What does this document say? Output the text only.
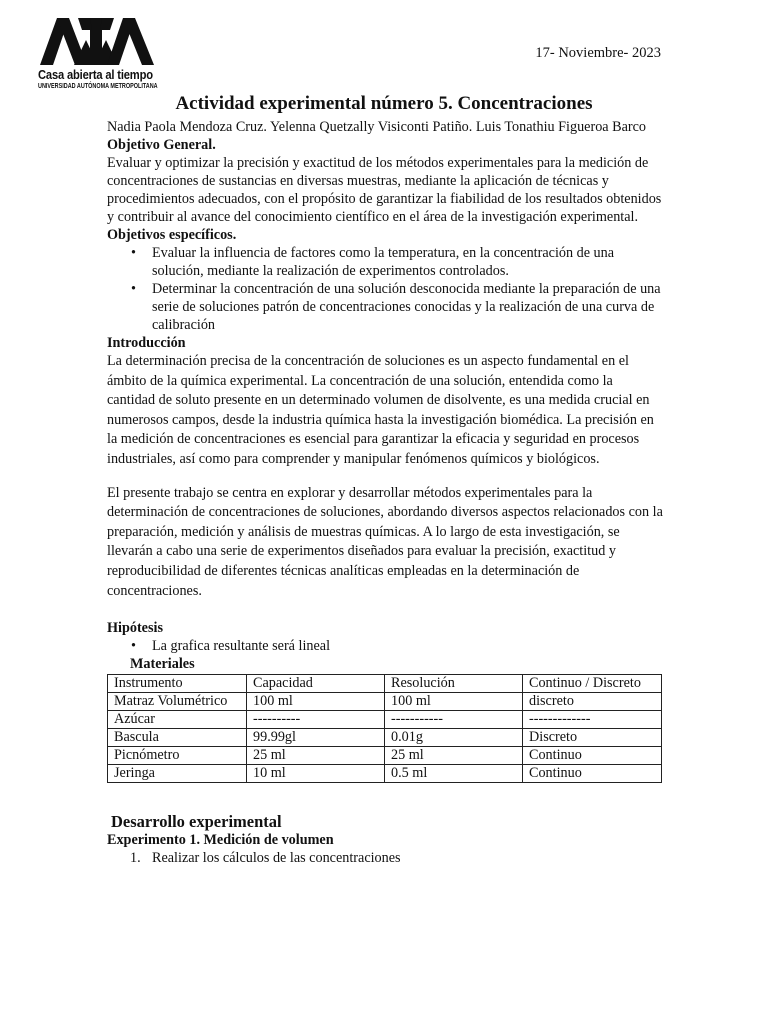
Casa abierta al tiempo
UNIVERSIDAD AUTÓNOMA METROPOLITANA
17- Noviembre- 2023
Actividad experimental número 5. Concentraciones

Nadia Paola Mendoza Cruz. Yelenna Quetzally Visiconti Patiño. Luis Tonathiu Figueroa Barco

Objetivo General.

Evaluar y optimizar la precisión y exactitud de los métodos experimentales para la medición de concentraciones de sustancias en diversas muestras, mediante la aplicación de técnicas y procedimientos adecuados, con el propósito de garantizar la fiabilidad de los resultados obtenidos y contribuir al avance del conocimiento científico en el área de la investigación experimental.

Objetivos específicos.

• Evaluar la influencia de factores como la temperatura, en la concentración de una solución, mediante la realización de experimentos controlados.
• Determinar la concentración de una solución desconocida mediante la preparación de una serie de soluciones patrón de concentraciones conocidas y la realización de una curva de calibración

Introducción

La determinación precisa de la concentración de soluciones es un aspecto fundamental en el ámbito de la química experimental. La concentración de una solución, entendida como la cantidad de soluto presente en un determinado volumen de disolvente, es una medida crucial en numerosos campos, desde la industria química hasta la investigación biomédica. La precisión en la medición de concentraciones es esencial para garantizar la eficacia y seguridad en procesos industriales, así como para comprender y manipular fenómenos químicos y biológicos.

El presente trabajo se centra en explorar y desarrollar métodos experimentales para la determinación de concentraciones de soluciones, abordando diversos aspectos relacionados con la preparación, medición y análisis de muestras químicas. A lo largo de esta investigación, se llevarán a cabo una serie de experimentos diseñados para evaluar la precisión, exactitud y reproducibilidad de diferentes técnicas analíticas empleadas en la determinación de concentraciones.

Hipótesis

• La grafica resultante será lineal
Materiales
Instrumento	Capacidad	Resolución	Continuo / Discreto
Matraz Volumétrico	100 ml	100 ml	discreto
Azúcar	----------	-----------	-------------
Bascula	99.99gl	0.01g	Discreto
Picnómetro	25 ml	25 ml	Continuo
Jeringa	10 ml	0.5 ml	Continuo
Desarrollo experimental

Experimento 1. Medición de volumen

1. Realizar los cálculos de las concentraciones
